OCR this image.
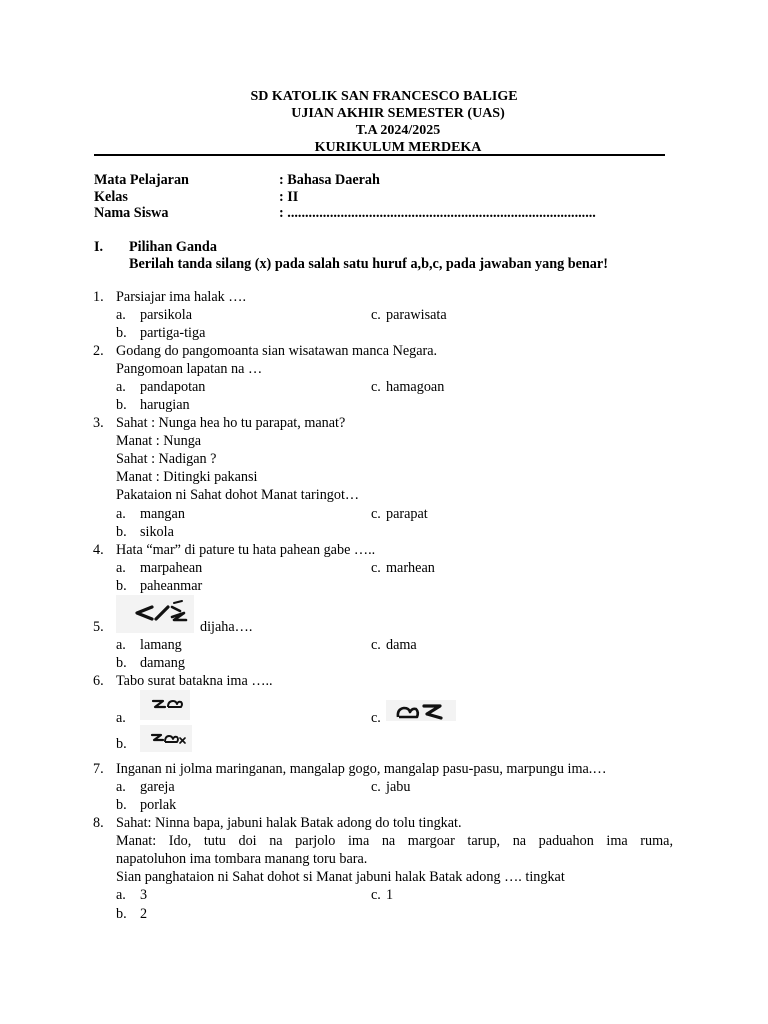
SD KATOLIK SAN FRANCESCO BALIGE
UJIAN AKHIR SEMESTER (UAS)
T.A 2024/2025
KURIKULUM MERDEKA
Mata Pelajaran	: Bahasa Daerah
Kelas	: II
Nama Siswa	: .......................................................................................
I. Pilihan Ganda
Berilah tanda silang (x) pada salah satu huruf a,b,c, pada jawaban yang benar!
1. Parsiajar ima halak ….
a. parsikola	c. parawisata
b. partiga-tiga
2. Godang do pangomoanta sian wisatawan manca Negara.
Pangomoan lapatan na …
a. pandapotan	c. hamagoan
b. harugian
3. Sahat : Nunga hea ho tu parapat, manat?
Manat : Nunga
Sahat : Nadigan ?
Manat : Ditingki pakansi
Pakataion ni Sahat dohot Manat taringot…
a. mangan	c. parapat
b. sikola
4. Hata “mar” di pature tu hata pahean gabe …..
a. marpahean	c. marhean
b. paheanmar
5.	dijaha….
a. lamang	c. dama
b. damang
6. Tabo surat batakna ima …..
a.	c.
b.
7. Inganan ni jolma maringanan, mangalap gogo, mangalap pasu-pasu, marpungu ima.…
a. gareja	c. jabu
b. porlak
8. Sahat: Ninna bapa, jabuni halak Batak adong do tolu tingkat.
Manat: Ido, tutu doi na parjolo ima na margoar tarup, na paduahon ima ruma,
napatoluhon ima tombara manang toru bara.
Sian panghataion ni Sahat dohot si Manat jabuni halak Batak adong …. tingkat
a. 3	c. 1
b. 2
